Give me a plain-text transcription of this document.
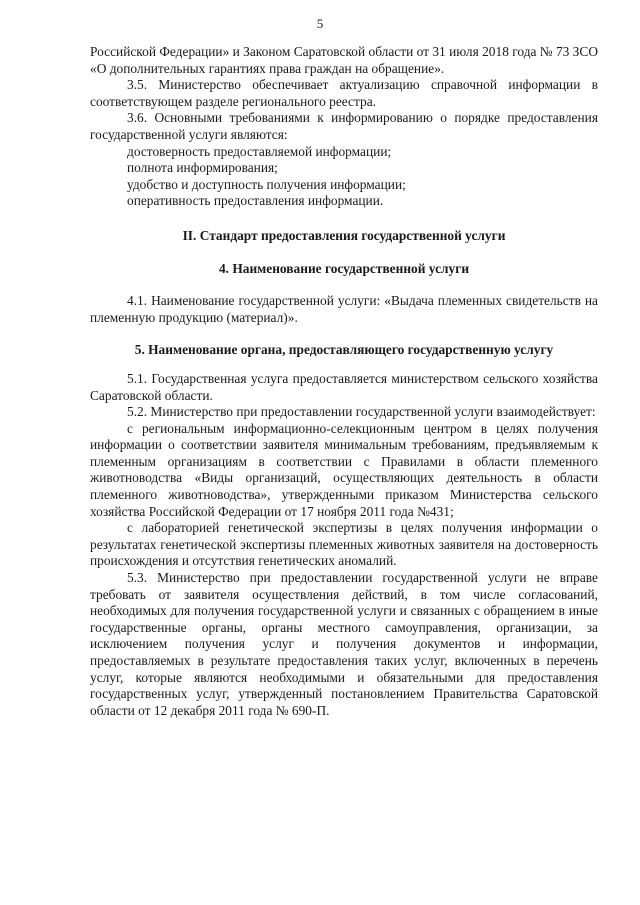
5

Российской Федерации» и Законом Саратовской области от 31 июля 2018 года № 73 ЗСО «О дополнительных гарантиях права граждан на обращение».

3.5. Министерство обеспечивает актуализацию справочной информации в соответствующем разделе регионального реестра.

3.6. Основными требованиями к информированию о порядке предоставления государственной услуги являются:

достоверность предоставляемой информации;

полнота информирования;

удобство и доступность получения информации;

оперативность предоставления информации.

II. Стандарт предоставления государственной услуги

4. Наименование государственной услуги

4.1. Наименование государственной услуги: «Выдача племенных свидетельств на племенную продукцию (материал)».

5. Наименование органа, предоставляющего государственную услугу

5.1. Государственная услуга предоставляется министерством сельского хозяйства Саратовской области.

5.2. Министерство при предоставлении государственной услуги взаимодействует:

с региональным информационно-селекционным центром в целях получения информации о соответствии заявителя минимальным требованиям, предъявляемым к племенным организациям в соответствии с Правилами в области племенного животноводства «Виды организаций, осуществляющих деятельность в области племенного животноводства», утвержденными приказом Министерства сельского хозяйства Российской Федерации от 17 ноября 2011 года №431;

с лабораторией генетической экспертизы в целях получения информации о результатах генетической экспертизы племенных животных заявителя на достоверность происхождения и отсутствия генетических аномалий.

5.3. Министерство при предоставлении государственной услуги не вправе требовать от заявителя осуществления действий, в том числе согласований, необходимых для получения государственной услуги и связанных с обращением в иные государственные органы, органы местного самоуправления, организации, за исключением получения услуг и получения документов и информации, предоставляемых в результате предоставления таких услуг, включенных в перечень услуг, которые являются необходимыми и обязательными для предоставления государственных услуг, утвержденный постановлением Правительства Саратовской области от 12 декабря 2011 года № 690-П.
